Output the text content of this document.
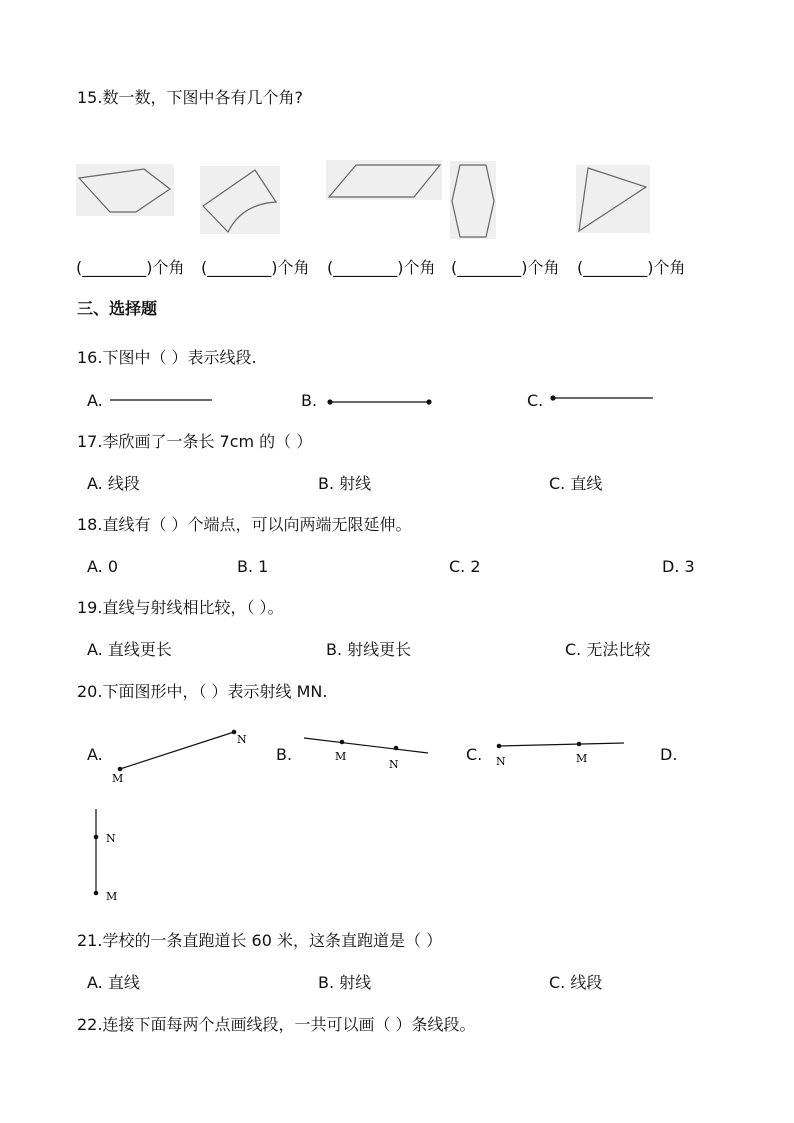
15.数一数，下图中各有几个角?
(________)个角 (________)个角 (________)个角 (________)个角 (________)个角
三、选择题
16.下图中（ ）表示线段.
A.	B.	C.
17.李欣画了一条长 7cm 的（ ）
A. 线段	B. 射线	C. 直线
18.直线有（ ）个端点，可以向两端无限延伸。
A. 0	B. 1	C. 2	D. 3
19.直线与射线相比较，（ ）。
A. 直线更长	B. 射线更长	C. 无法比较
20.下面图形中，（ ）表示射线 MN.
A.
M
N
B.	M
N
C. N	M	D.
N
M
21.学校的一条直跑道长 60 米，这条直跑道是（ ）
A. 直线	B. 射线	C. 线段
22.连接下面每两个点画线段，一共可以画（ ）条线段。
